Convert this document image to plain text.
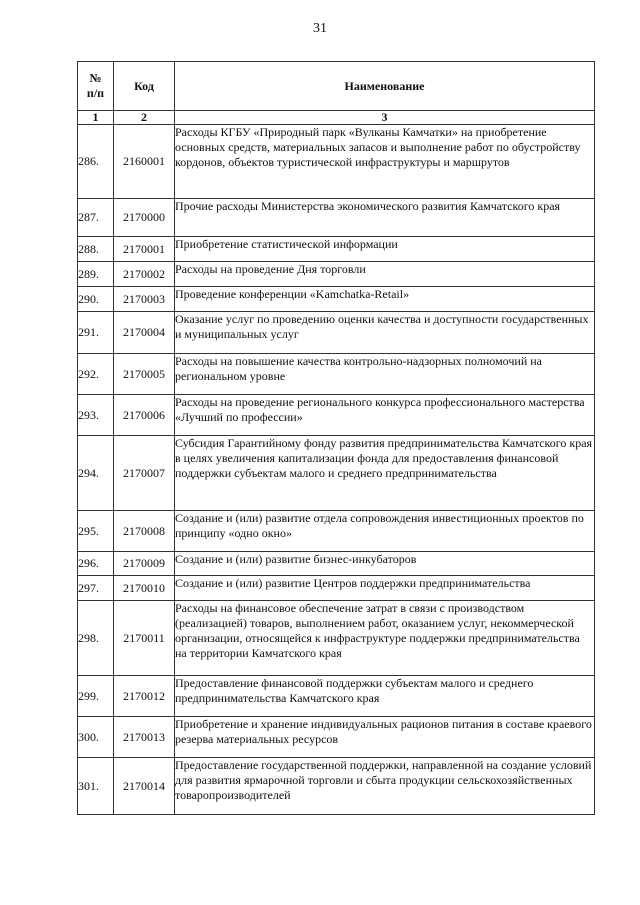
31
№
п/п	Код	Наименование
1	2	3
286.	2160001	Расходы КГБУ «Природный парк «Вулканы Камчатки» на приобретение основных средств, материальных запасов и выполнение работ по обустройству кордонов, объектов туристической инфраструктуры и маршрутов
287.	2170000	Прочие расходы Министерства экономического развития Камчатского края
288.	2170001	Приобретение статистической информации
289.	2170002	Расходы на проведение Дня торговли
290.	2170003	Проведение конференции «Kamchatka-Retail»
291.	2170004	Оказание услуг по проведению оценки качества и доступности государственных и муниципальных услуг
292.	2170005	Расходы на повышение качества контрольно-надзорных полномочий на региональном уровне
293.	2170006	Расходы на проведение регионального конкурса профессионального мастерства «Лучший по профессии»
294.	2170007	Субсидия Гарантийному фонду развития предпринимательства Камчатского края в целях увеличения капитализации фонда для предоставления финансовой поддержки субъектам малого и среднего предпринимательства
295.	2170008	Создание и (или) развитие отдела сопровождения инвестиционных проектов по принципу «одно окно»
296.	2170009	Создание и (или) развитие бизнес-инкубаторов
297.	2170010	Создание и (или) развитие Центров поддержки предпринимательства
298.	2170011	Расходы на финансовое обеспечение затрат в связи с производством (реализацией) товаров, выполнением работ, оказанием услуг, некоммерческой организации, относящейся к инфраструктуре поддержки предпринимательства на территории Камчатского края
299.	2170012	Предоставление финансовой поддержки субъектам малого и среднего предпринимательства Камчатского края
300.	2170013	Приобретение и хранение индивидуальных рационов питания в составе краевого резерва материальных ресурсов
301.	2170014	Предоставление государственной поддержки, направленной на создание условий для развития ярмарочной торговли и сбыта продукции сельскохозяйственных товаропроизводителей
